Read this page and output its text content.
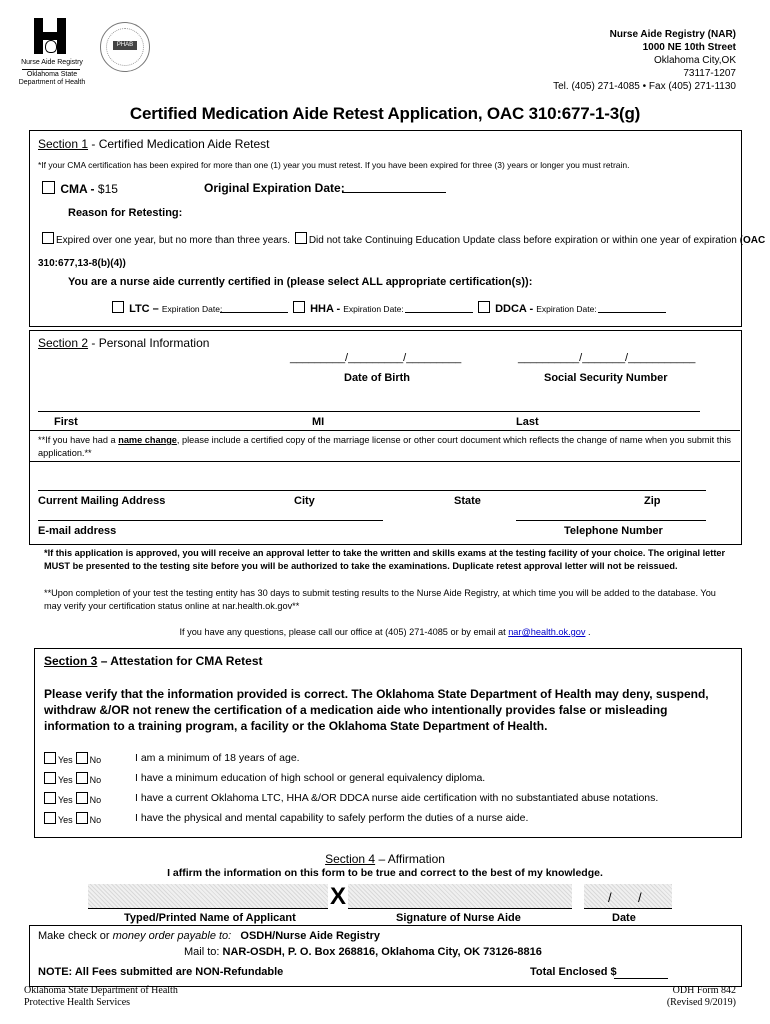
Nurse Aide Registry
Oklahoma State
Department of Health
PHAB
Nurse Aide Registry (NAR)
1000 NE 10th Street
Oklahoma City,OK
73117-1207
Tel. (405) 271-4085 • Fax (405) 271-1130
Certified Medication Aide Retest Application, OAC 310:677-1-3(g)
Section 1 - Certified Medication Aide Retest
*If your CMA certification has been expired for more than one (1) year you must retest. If you have been expired for three (3) years or longer you must retrain.
CMA - $15	Original Expiration Date:
Reason for Retesting:
Expired over one year, but no more than three years. Did not take Continuing Education Update class before expiration or within one year of expiration (OAC
310:677,13-8(b)(4))
You are a nurse aide currently certified in (please select ALL appropriate certification(s)):
LTC – Expiration Date:	HHA - Expiration Date:	DDCA - Expiration Date:
Section 2 - Personal Information
_________/_________/_________
Date of Birth
__________/_______/___________
Social Security Number
First	MI	Last
**If you have had a name change, please include a certified copy of the marriage license or other court document which reflects the change of name when you submit this application.**
Current Mailing Address	City	State	Zip
E-mail address	Telephone Number
*If this application is approved, you will receive an approval letter to take the written and skills exams at the testing facility of your choice. The original letter MUST be presented to the testing site before you will be authorized to take the examinations. Duplicate retest approval letter will not be reissued.
**Upon completion of your test the testing entity has 30 days to submit testing results to the Nurse Aide Registry, at which time you will be added to the database. You may verify your certification status online at nar.health.ok.gov**
If you have any questions, please call our office at (405) 271-4085 or by email at nar@health.ok.gov .
Section 3 – Attestation for CMA Retest
Please verify that the information provided is correct. The Oklahoma State Department of Health may deny, suspend, withdraw &/OR not renew the certification of a medication aide who intentionally provides false or misleading information to a training program, a facility or the Oklahoma State Department of Health.
Yes No	I am a minimum of 18 years of age.
Yes No	I have a minimum education of high school or general equivalency diploma.
Yes No	I have a current Oklahoma LTC, HHA &/OR DDCA nurse aide certification with no substantiated abuse notations.
Yes No	I have the physical and mental capability to safely perform the duties of a nurse aide.
Section 4 – Affirmation
I affirm the information on this form to be true and correct to the best of my knowledge.
X	/ /
Typed/Printed Name of Applicant	Signature of Nurse Aide	Date
Make check or money order payable to: OSDH/Nurse Aide Registry
Mail to: NAR-OSDH, P. O. Box 268816, Oklahoma City, OK 73126-8816
NOTE: All Fees submitted are NON-Refundable	Total Enclosed $
Oklahoma State Department of Health
Protective Health Services
ODH Form 842
(Revised 9/2019)
